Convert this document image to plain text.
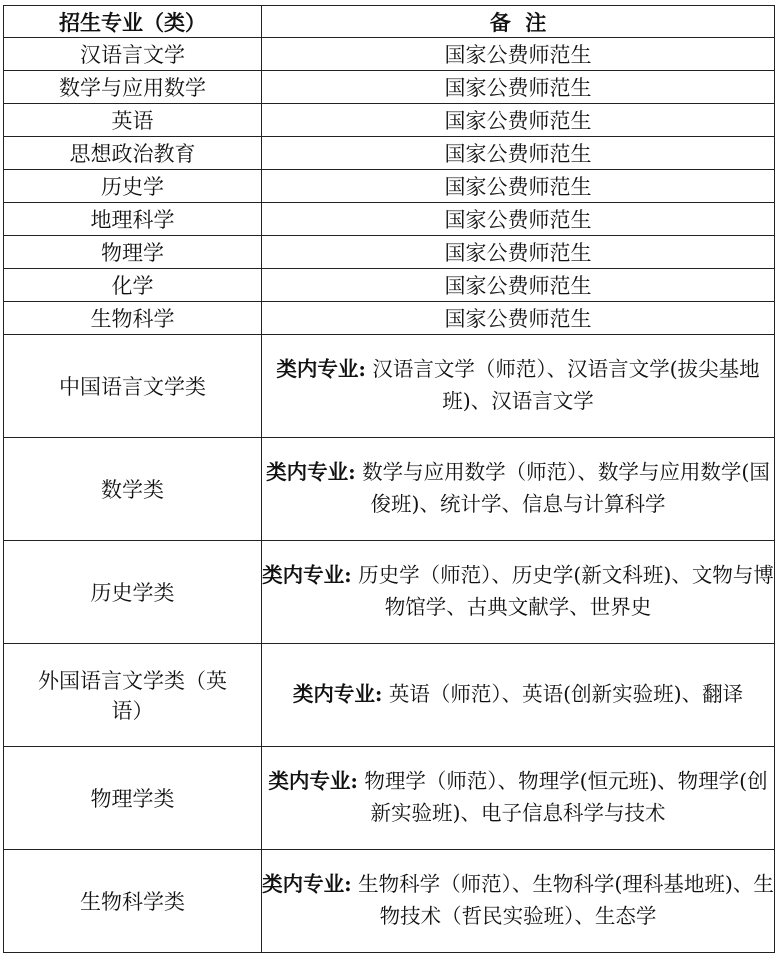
招生专业（类）	备  注
汉语言文学	国家公费师范生
数学与应用数学	国家公费师范生
英语	国家公费师范生
思想政治教育	国家公费师范生
历史学	国家公费师范生
地理科学	国家公费师范生
物理学	国家公费师范生
化学	国家公费师范生
生物科学	国家公费师范生
中国语言文学类	类内专业: 汉语言文学（师范）、汉语言文学(拔尖基地班)、汉语言文学
数学类	类内专业: 数学与应用数学（师范）、数学与应用数学(国俊班)、统计学、信息与计算科学
历史学类	类内专业: 历史学（师范）、历史学(新文科班)、文物与博物馆学、古典文献学、世界史
外国语言文学类（英语）	类内专业: 英语（师范）、英语(创新实验班)、翻译
物理学类	类内专业: 物理学（师范）、物理学(恒元班)、物理学(创新实验班)、电子信息科学与技术
生物科学类	类内专业: 生物科学（师范）、生物科学(理科基地班)、生物技术（哲民实验班）、生态学
